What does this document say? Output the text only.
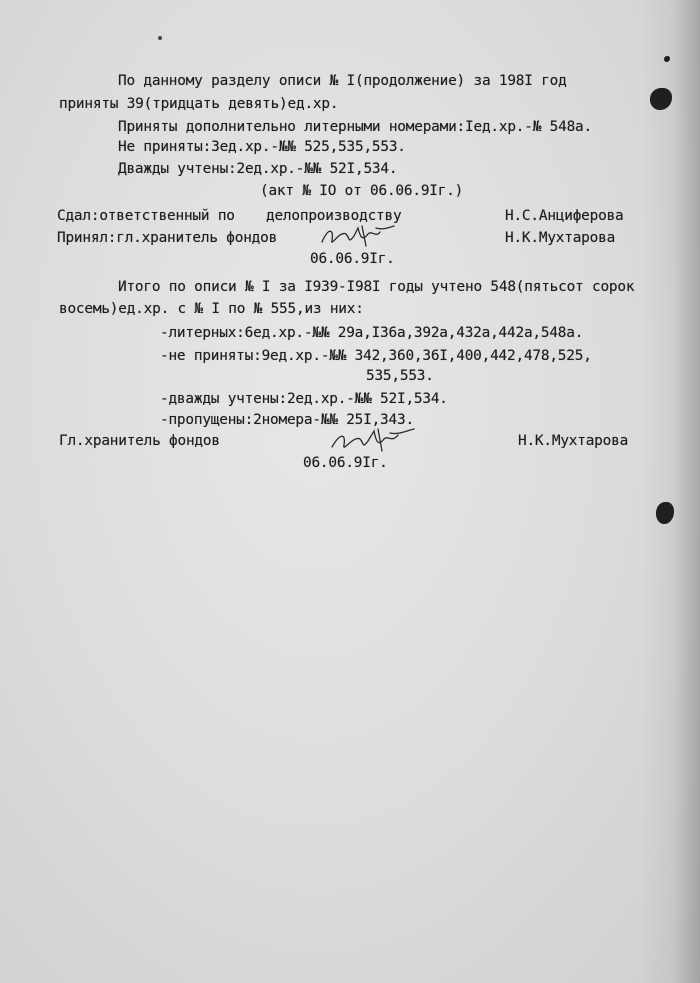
По данному разделу описи № I(продолжение) за 198I год
приняты 39(тридцать девять)ед.хр.
Приняты дополнительно литерными номерами:Iед.хр.-№ 548а.
Не приняты:3ед.хр.-№№ 525,535,553.
Дважды учтены:2ед.хр.-№№ 52I,534.
(акт № IO от 06.06.9Iг.)
Сдал:ответственный по делопроизводству	Н.С.Анциферова
Принял:гл.хранитель фондов	Н.К.Мухтарова
06.06.9Iг.
Итого по описи № I за I939-I98I годы учтено 548(пятьсот сорок
восемь)ед.хр. с № I по № 555,из них:
-литерных:6ед.хр.-№№ 29а,I36а,392а,432а,442а,548а.
-не приняты:9ед.хр.-№№ 342,360,36I,400,442,478,525,
535,553.
-дважды учтены:2ед.хр.-№№ 52I,534.
-пропущены:2номера-№№ 25I,343.
Гл.хранитель фондов	Н.К.Мухтарова
06.06.9Iг.
